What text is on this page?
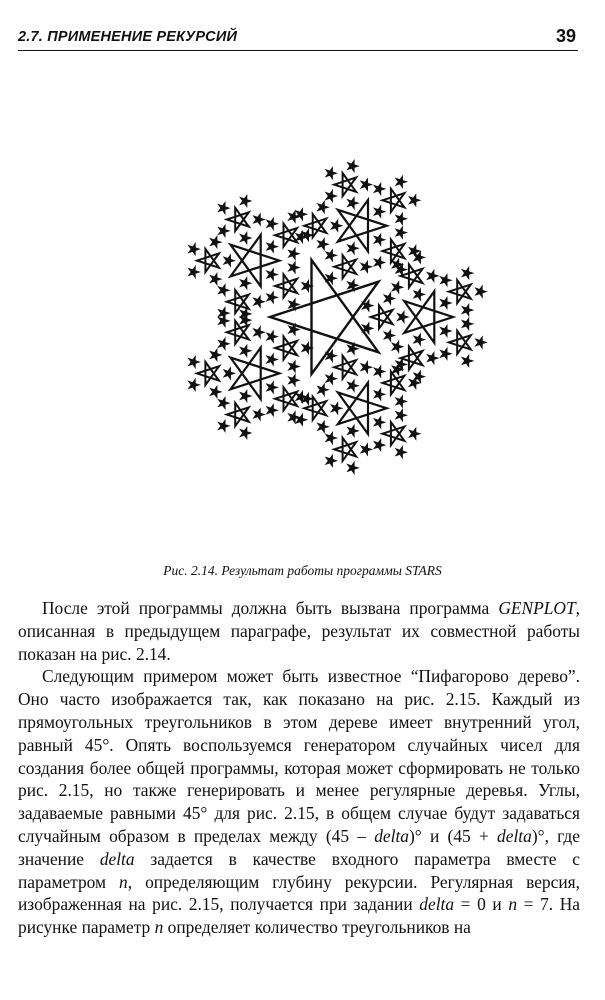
2.7. ПРИМЕНЕНИЕ РЕКУРСИЙ	39
Рис. 2.14. Результат работы программы STARS

После этой программы должна быть вызвана программа GENPLOT, описанная в предыдущем параграфе, результат их совместной работы показан на рис. 2.14.

Следующим примером может быть известное “Пифагорово дерево”. Оно часто изображается так, как показано на рис. 2.15. Каждый из прямоугольных треугольников в этом дереве имеет внутренний угол, равный 45°. Опять воспользуемся генератором случайных чисел для создания более общей программы, которая может сформировать не только рис. 2.15, но также генерировать и менее регулярные деревья. Углы, задаваемые равными 45° для рис. 2.15, в общем случае будут задаваться случайным образом в пределах между (45 – delta)° и (45 + delta)°, где значение delta задается в качестве входного параметра вместе с параметром n, определяющим глубину рекурсии. Регулярная версия, изображенная на рис. 2.15, получается при задании delta = 0 и n = 7. На рисунке параметр n определяет количество треугольников на
